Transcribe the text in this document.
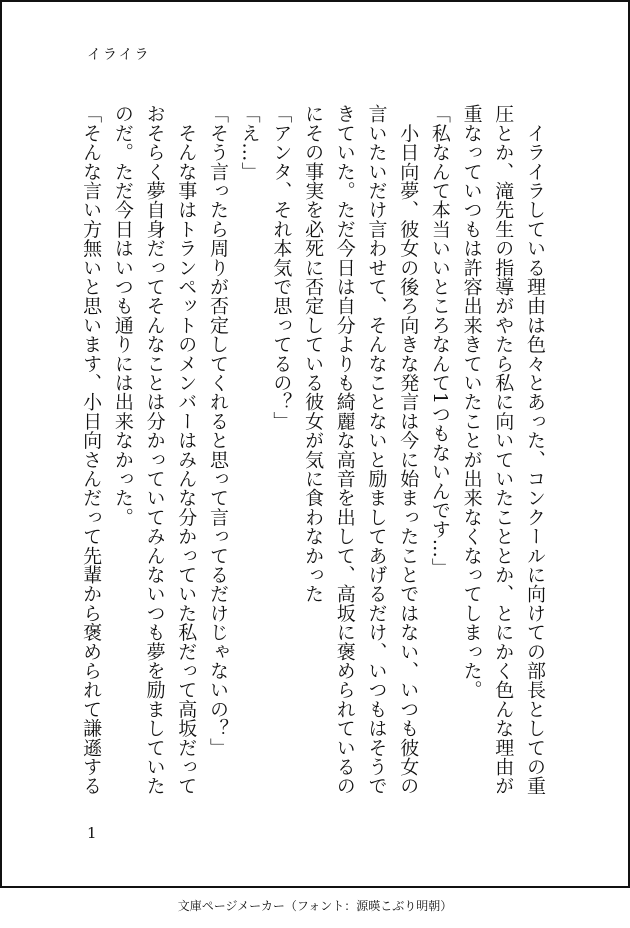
イライラ

　イライラしている理由は色々とあった、コンクールに向けての部長としての重圧とか、滝先生の指導がやたら私に向いていたこととか、とにかく色んな理由が重なっていつもは許容出来きていたことが出来なくなってしまった。

「私なんて本当いいところなんて1つもないんです…」

　小日向夢、彼女の後ろ向きな発言は今に始まったことではない、いつも彼女の言いたいだけ言わせて、そんなことないと励ましてあげるだけ、いつもはそうできていた。ただ今日は自分よりも綺麗な高音を出して、高坂に褒められているのにその事実を必死に否定している彼女が気に食わなかった

「アンタ、それ本気で思ってるの？」

「え…」

「そう言ったら周りが否定してくれると思って言ってるだけじゃないの？」

　そんな事はトランペットのメンバーはみんな分かっていた私だって高坂だっておそらく夢自身だってそんなことは分かっていてみんないつも夢を励ましていたのだ。ただ今日はいつも通りには出来なかった。

「そんな言い方無いと思います、小日向さんだって先輩から褒められて謙遜する

1
文庫ページメーカー（フォント：源暎こぶり明朝）
